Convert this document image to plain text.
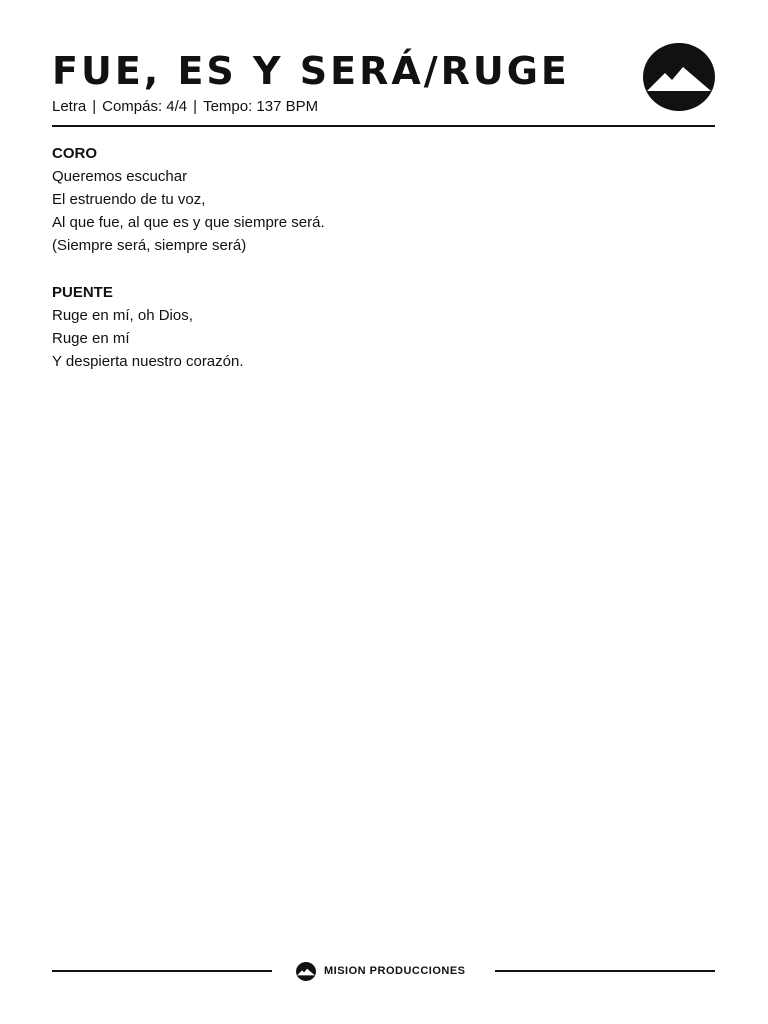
FUE, ES Y SERÁ/RUGE
Letra | Compás: 4/4 | Tempo: 137 BPM
CORO
Queremos escuchar
El estruendo de tu voz,
Al que fue, al que es y que siempre será.
(Siempre será, siempre será)
PUENTE
Ruge en mí, oh Dios,
Ruge en mí
Y despierta nuestro corazón.
MISION PRODUCCIONES
